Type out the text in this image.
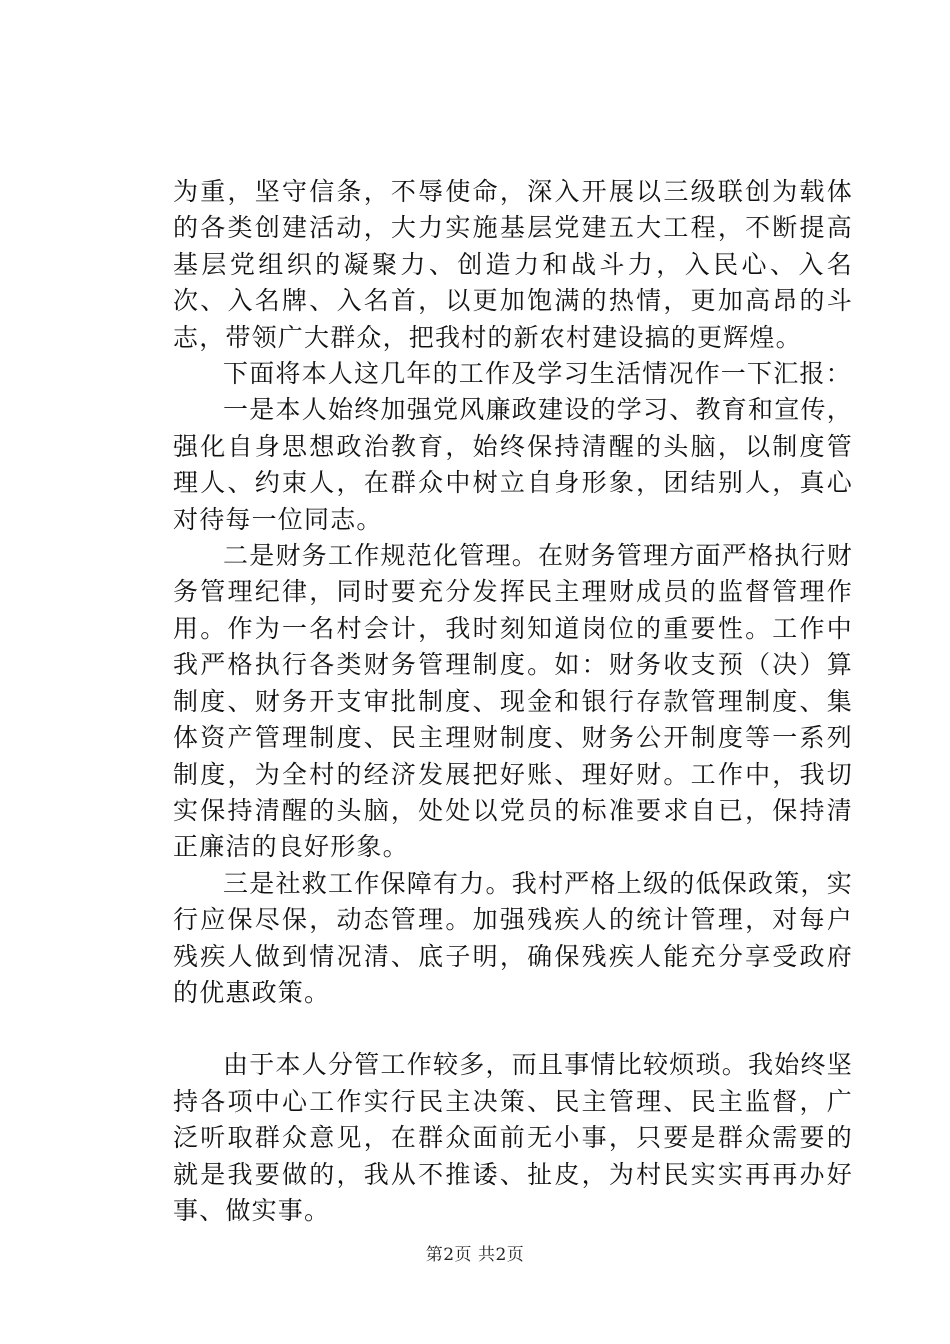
为重，坚守信条，不辱使命，深入开展以三级联创为载体的各类创建活动，大力实施基层党建五大工程，不断提高基层党组织的凝聚力、创造力和战斗力，入民心、入名次、入名牌、入名首，以更加饱满的热情，更加高昂的斗志，带领广大群众，把我村的新农村建设搞的更辉煌。

下面将本人这几年的工作及学习生活情况作一下汇报：

一是本人始终加强党风廉政建设的学习、教育和宣传，强化自身思想政治教育，始终保持清醒的头脑，以制度管理人、约束人，在群众中树立自身形象，团结别人，真心对待每一位同志。

二是财务工作规范化管理。在财务管理方面严格执行财务管理纪律，同时要充分发挥民主理财成员的监督管理作用。作为一名村会计，我时刻知道岗位的重要性。工作中我严格执行各类财务管理制度。如：财务收支预（决）算制度、财务开支审批制度、现金和银行存款管理制度、集体资产管理制度、民主理财制度、财务公开制度等一系列制度，为全村的经济发展把好账、理好财。工作中，我切实保持清醒的头脑，处处以党员的标准要求自已，保持清正廉洁的良好形象。

三是社救工作保障有力。我村严格上级的低保政策，实行应保尽保，动态管理。加强残疾人的统计管理，对每户残疾人做到情况清、底子明，确保残疾人能充分享受政府的优惠政策。

由于本人分管工作较多，而且事情比较烦琐。我始终坚持各项中心工作实行民主决策、民主管理、民主监督，广泛听取群众意见，在群众面前无小事，只要是群众需要的就是我要做的，我从不推诿、扯皮，为村民实实再再办好事、做实事。

第2页 共2页
